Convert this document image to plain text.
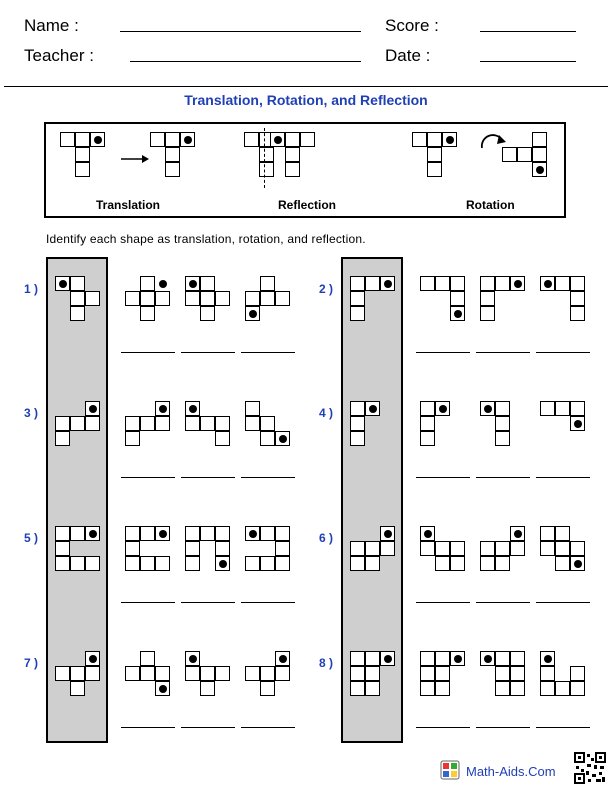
Name :
Teacher :
Score :
Date :
Translation, Rotation, and Reflection
Translation	Reflection	Rotation
Identify each shape as translation, rotation, and reflection.
1 )	2 )
3 )	4 )
5 )	6 )
7 )	8 )
Math-Aids.Com
